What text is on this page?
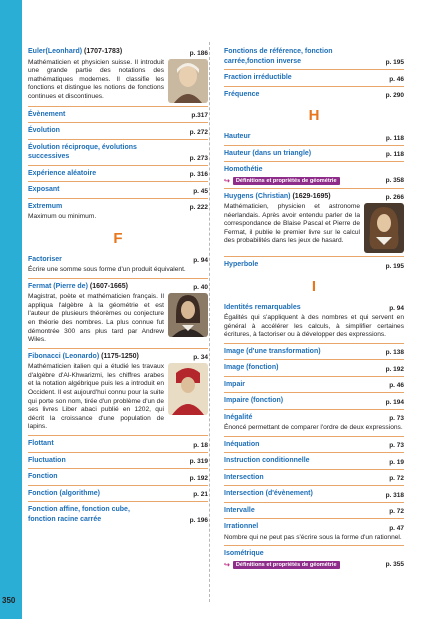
350
Euler(Leonhard) (1707-1783)	p. 186
Mathématicien et physicien suisse. Il introduit une grande partie des notations des mathématiques modernes. Il classifie les fonctions et distingue les notions de fonctions continues et discontinues.
Évènement	p.317
Évolution	p. 272
Évolution réciproque, évolutions successives	p. 273
Expérience aléatoire	p. 316
Exposant	p. 45
Extremum	p. 222
Maximum ou minimum.
F
Factoriser	p. 94
Écrire une somme sous forme d'un produit équivalent.
Fermat (Pierre de) (1607-1665)	p. 40
Magistrat, poète et mathématicien français. Il appliqua l'algèbre à la géométrie et est l'auteur de plusieurs théorèmes ou conjecture en théorie des nombres. La plus connue fut démontrée 300 ans plus tard par Andrew Wiles.
Fibonacci (Leonardo) (1175-1250)	p. 34
Mathématicien italien qui a étudié les travaux d'algèbre d'Al-Khwarizmi, les chiffres arabes et la notation algébrique puis les a introduit en Occident. Il est aujourd'hui connu pour la suite qui porte son nom, tirée d'un problème d'un de ses livres Liber abaci publié en 1202, qui décrit la croissance d'une population de lapins.
Flottant	p. 18
Fluctuation	p. 319
Fonction	p. 192
Fonction (algorithme)	p. 21
Fonction affine, fonction cube, fonction racine carrée	p. 196
Fonctions de référence, fonction carrée,fonction inverse	p. 195
Fraction irréductible	p. 46
Fréquence	p. 290
H
Hauteur	p. 118
Hauteur (dans un triangle)	p. 118
Homothétie
↪	Définitions et propriétés de géométrie	p. 358
Huygens (Christian) (1629-1695)	p. 266
Mathématicien, physicien et astronome néerlandais. Après avoir entendu parler de la correspondance de Blaise Pascal et Pierre de Fermat, il publie le premier livre sur le calcul des probabilités dans les jeux de hasard.
Hyperbole	p. 195
I
Identités remarquables	p. 94
Égalités qui s'appliquent à des nombres et qui servent en général à accélérer les calculs, à simplifier certaines écritures, à factoriser ou à développer des expressions.
Image (d'une transformation)	p. 138
Image (fonction)	p. 192
Impair	p. 46
Impaire (fonction)	p. 194
Inégalité	p. 73
Énoncé permettant de comparer l'ordre de deux expressions.
Inéquation	p. 73
Instruction conditionnelle	p. 19
Intersection	p. 72
Intersection (d'évènement)	p. 318
Intervalle	p. 72
Irrationnel	p. 47
Nombre qui ne peut pas s'écrire sous la forme d'un rationnel.
Isométrique
↪	Définitions et propriétés de géométrie	p. 355
